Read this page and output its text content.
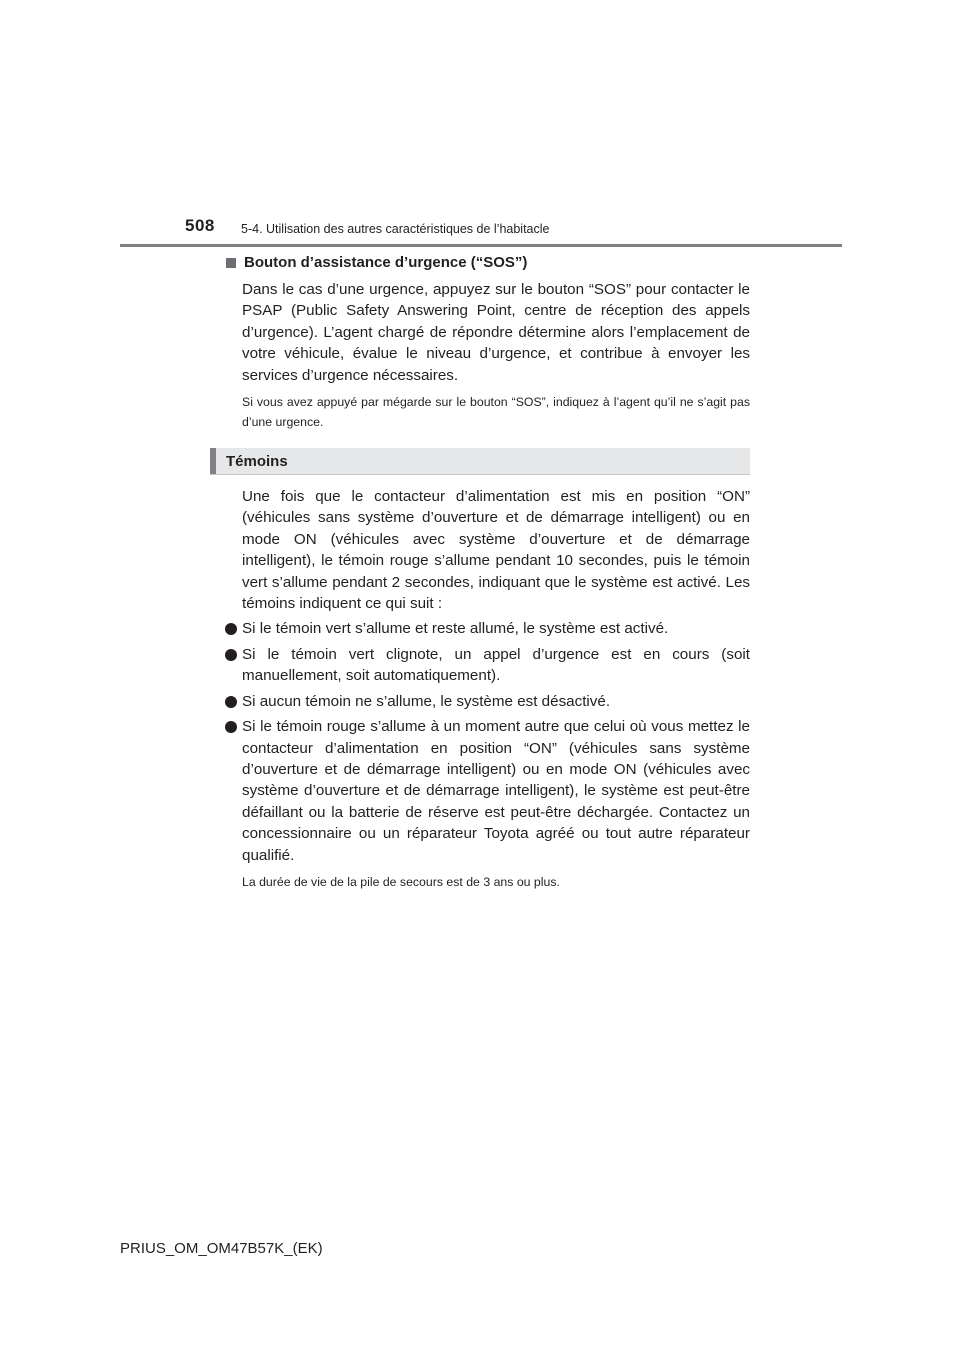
508 5-4. Utilisation des autres caractéristiques de l’habitacle
Bouton d’assistance d’urgence (“SOS”)

Dans le cas d’une urgence, appuyez sur le bouton “SOS” pour contacter le PSAP (Public Safety Answering Point, centre de réception des appels d’urgence). L’agent chargé de répondre détermine alors l’emplacement de votre véhicule, évalue le niveau d’urgence, et contribue à envoyer les services d’urgence nécessaires.

Si vous avez appuyé par mégarde sur le bouton “SOS”, indiquez à l’agent qu’il ne s’agit pas d’une urgence.

Témoins

Une fois que le contacteur d’alimentation est mis en position “ON” (véhicules sans système d’ouverture et de démarrage intelligent) ou en mode ON (véhicules avec système d’ouverture et de démarrage intelligent), le témoin rouge s’allume pendant 10 secondes, puis le témoin vert s’allume pendant 2 secondes, indiquant que le système est activé. Les témoins indiquent ce qui suit :

Si le témoin vert s’allume et reste allumé, le système est activé.
Si le témoin vert clignote, un appel d’urgence est en cours (soit manuellement, soit automatiquement).
Si aucun témoin ne s’allume, le système est désactivé.
Si le témoin rouge s’allume à un moment autre que celui où vous mettez le contacteur d’alimentation en position “ON” (véhicules sans système d’ouverture et de démarrage intelligent) ou en mode ON (véhicules avec système d’ouverture et de démarrage intelligent), le système est peut-être défaillant ou la batterie de réserve est peut-être déchargée. Contactez un concessionnaire ou un réparateur Toyota agréé ou tout autre réparateur qualifié.

La durée de vie de la pile de secours est de 3 ans ou plus.

PRIUS_OM_OM47B57K_(EK)
